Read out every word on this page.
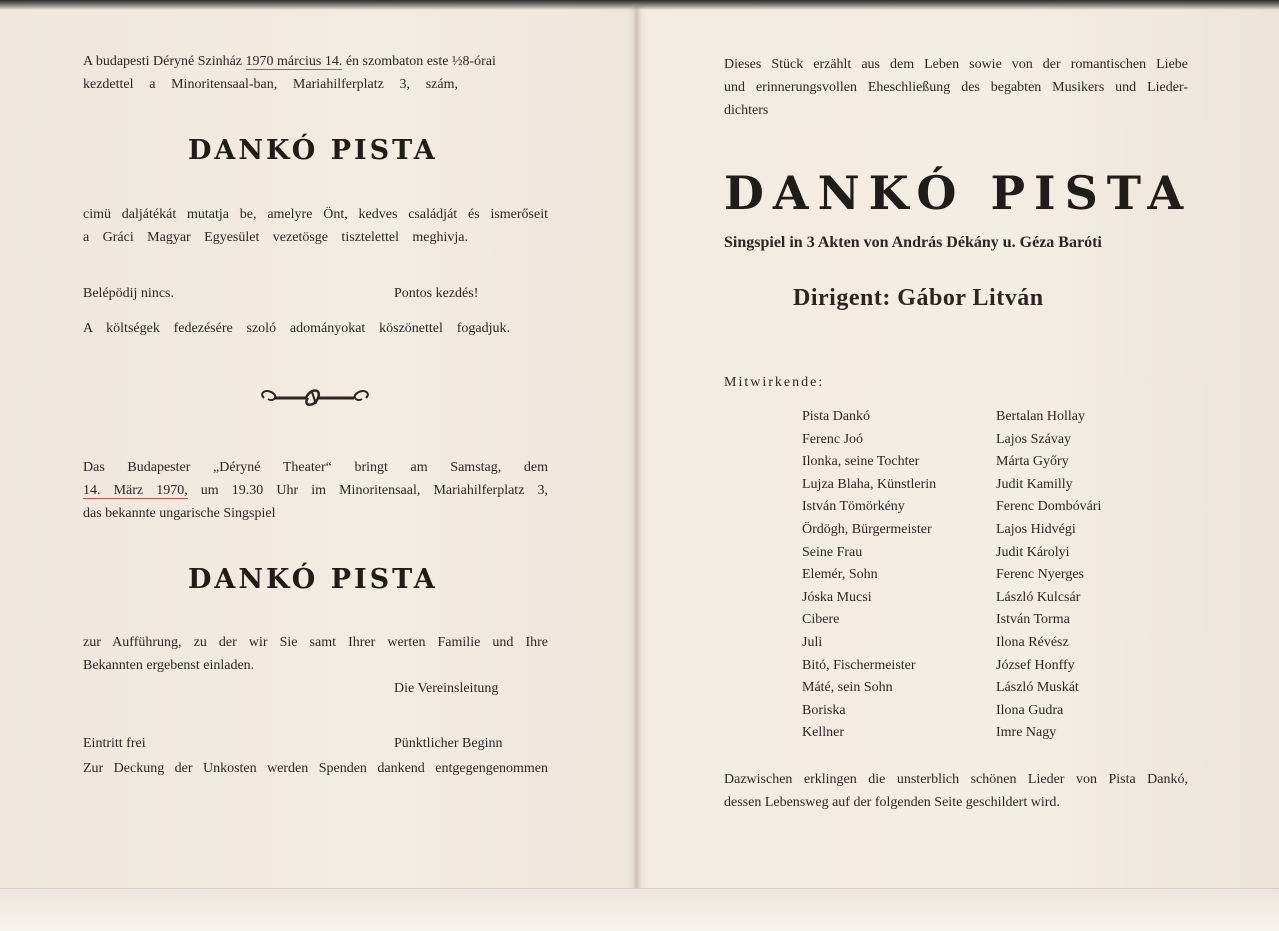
A budapesti Déryné Szinház 1970 március 14. én szombaton este ½8-órai
kezdettel a Minoritensaal-ban, Mariahilferplatz 3, szám,
DANKÓ PISTA
cimü daljátékát mutatja be, amelyre Önt, kedves családját és ismerőseit
a Gráci Magyar Egyesület vezetösge tisztelettel meghivja.
Belépödij nincs.	Pontos kezdés!
A költségek fedezésére szoló adományokat köszönettel fogadjuk.
Das Budapester „Déryné Theater“ bringt am Samstag, dem
14. März 1970, um 19.30 Uhr im Minoritensaal, Mariahilferplatz 3,
das bekannte ungarische Singspiel
DANKÓ PISTA
zur Aufführung, zu der wir Sie samt Ihrer werten Familie und Ihre
Bekannten ergebenst einladen.
Die Vereinsleitung
Eintritt frei	Pünktlicher Beginn
Zur Deckung der Unkosten werden Spenden dankend entgegengenommen
Dieses Stück erzählt aus dem Leben sowie von der romantischen Liebe
und erinnerungsvollen Eheschließung des begabten Musikers und Lieder-
dichters
DANKÓ PISTA
Singspiel in 3 Akten von András Dékány u. Géza Baróti
Dirigent: Gábor Litván
Mitwirkende:
Pista Dankó	Bertalan Hollay
Ferenc Joó	Lajos Szávay
Ilonka, seine Tochter	Márta Győry
Lujza Blaha, Künstlerin	Judit Kamilly
István Tömörkény	Ferenc Dombóvári
Ördögh, Bürgermeister	Lajos Hidvégi
Seine Frau	Judit Károlyi
Elemér, Sohn	Ferenc Nyerges
Jóska Mucsi	László Kulcsár
Cibere	István Torma
Juli	Ilona Révész
Bitó, Fischermeister	József Honffy
Máté, sein Sohn	László Muskát
Boriska	Ilona Gudra
Kellner	Imre Nagy
Dazwischen erklingen die unsterblich schönen Lieder von Pista Dankó,
dessen Lebensweg auf der folgenden Seite geschildert wird.
